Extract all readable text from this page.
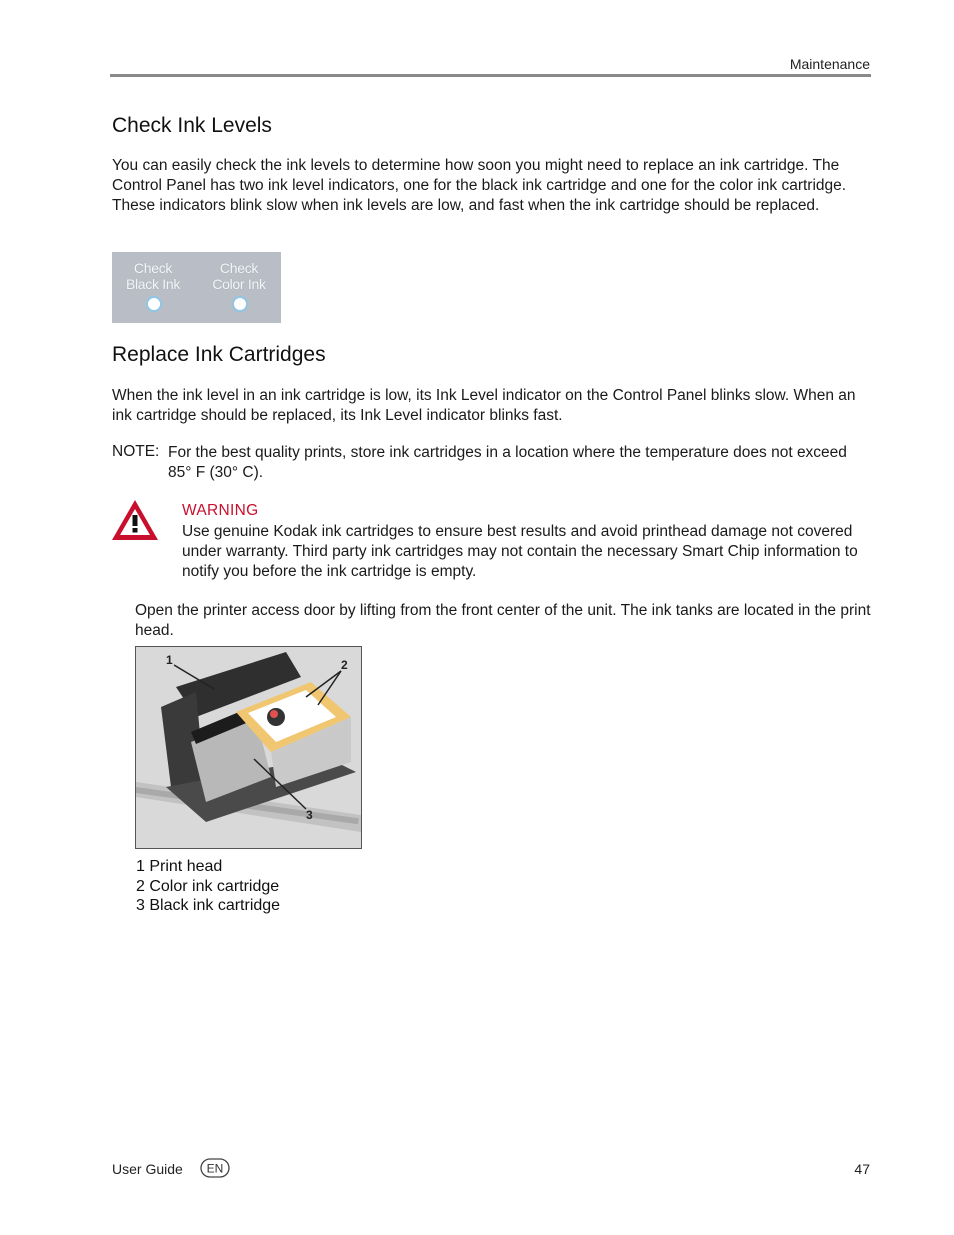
Maintenance
Check Ink Levels

You can easily check the ink levels to determine how soon you might need to replace an ink cartridge. The Control Panel has two ink level indicators, one for the black ink cartridge and one for the color ink cartridge. These indicators blink slow when ink levels are low, and fast when the ink cartridge should be replaced.

Check
Black Ink
Check
Color Ink
Replace Ink Cartridges

When the ink level in an ink cartridge is low, its Ink Level indicator on the Control Panel blinks slow. When an ink cartridge should be replaced, its Ink Level indicator blinks fast.

NOTE: For the best quality prints, store ink cartridges in a location where the temperature does not exceed 85° F (30° C).
WARNING
Use genuine Kodak ink cartridges to ensure best results and avoid printhead damage not covered under warranty. Third party ink cartridges may not contain the necessary Smart Chip information to notify you before the ink cartridge is empty.

Open the printer access door by lifting from the front center of the unit. The ink tanks are located in the print head.

1	2
3
1 Print head
2 Color ink cartridge
3 Black ink cartridge
User Guide EN	47
